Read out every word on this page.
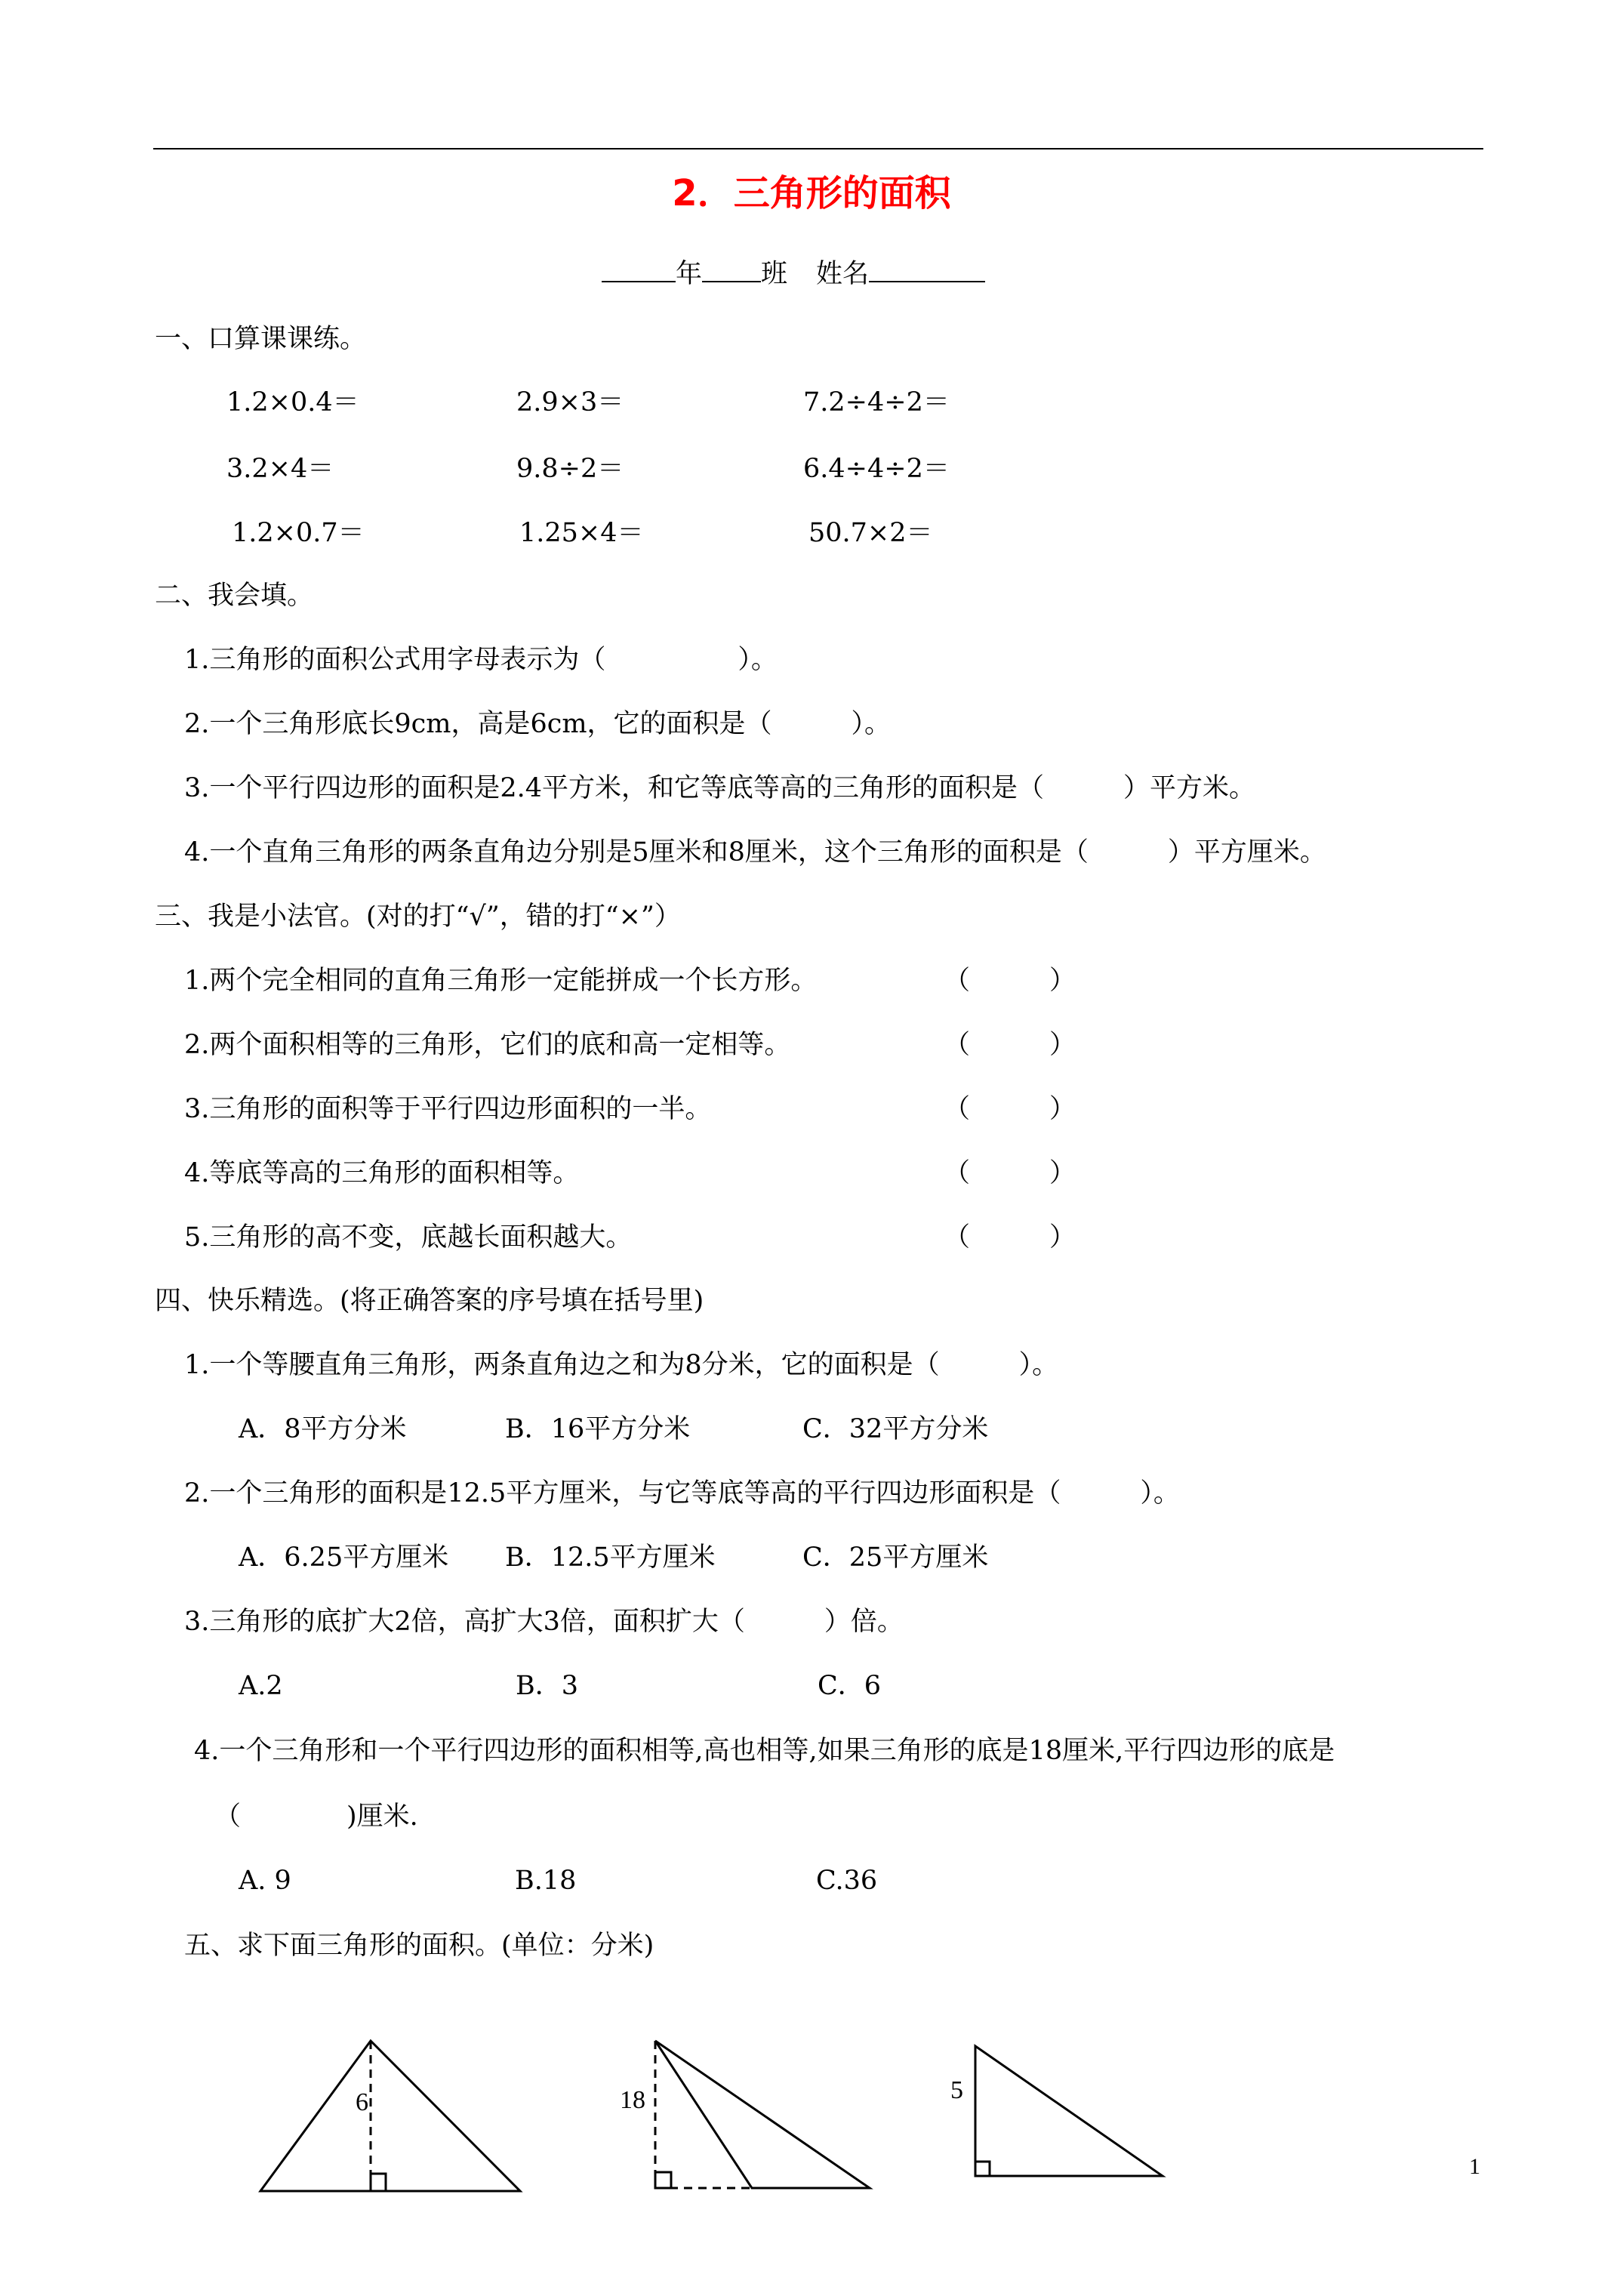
2．三角形的面积
年 班 姓名
一、口算课课练。
1.2×0.4＝	2.9×3＝	7.2÷4÷2＝
3.2×4＝	9.8÷2＝	6.4÷4÷2＝
1.2×0.7＝	1.25×4＝	50.7×2＝
二、我会填。
1.三角形的面积公式用字母表示为（　　　　　）。
2.一个三角形底长9cm，高是6cm，它的面积是（　　　）。
3.一个平行四边形的面积是2.4平方米，和它等底等高的三角形的面积是（　　　）平方米。
4.一个直角三角形的两条直角边分别是5厘米和8厘米，这个三角形的面积是（　　　）平方厘米。
三、我是小法官。(对的打“√”，错的打“×”）
1.两个完全相同的直角三角形一定能拼成一个长方形。	（　　　）
2.两个面积相等的三角形，它们的底和高一定相等。	（　　　）
3.三角形的面积等于平行四边形面积的一半。	（　　　）
4.等底等高的三角形的面积相等。	（　　　）
5.三角形的高不变，底越长面积越大。	（　　　）
四、快乐精选。(将正确答案的序号填在括号里)
1.一个等腰直角三角形，两条直角边之和为8分米，它的面积是（　　　）。
A．8平方分米	B．16平方分米	C．32平方分米
2.一个三角形的面积是12.5平方厘米，与它等底等高的平行四边形面积是（　　　）。
A．6.25平方厘米 B．12.5平方厘米	C．25平方厘米
3.三角形的底扩大2倍，高扩大3倍，面积扩大（　　　）倍。
A.2	B．3	C．6
4.一个三角形和一个平行四边形的面积相等,高也相等,如果三角形的底是18厘米,平行四边形的底是
（　　　　)厘米.
A. 9	B.18	C.36
五、求下面三角形的面积。(单位：分米)
6	18	5
1
